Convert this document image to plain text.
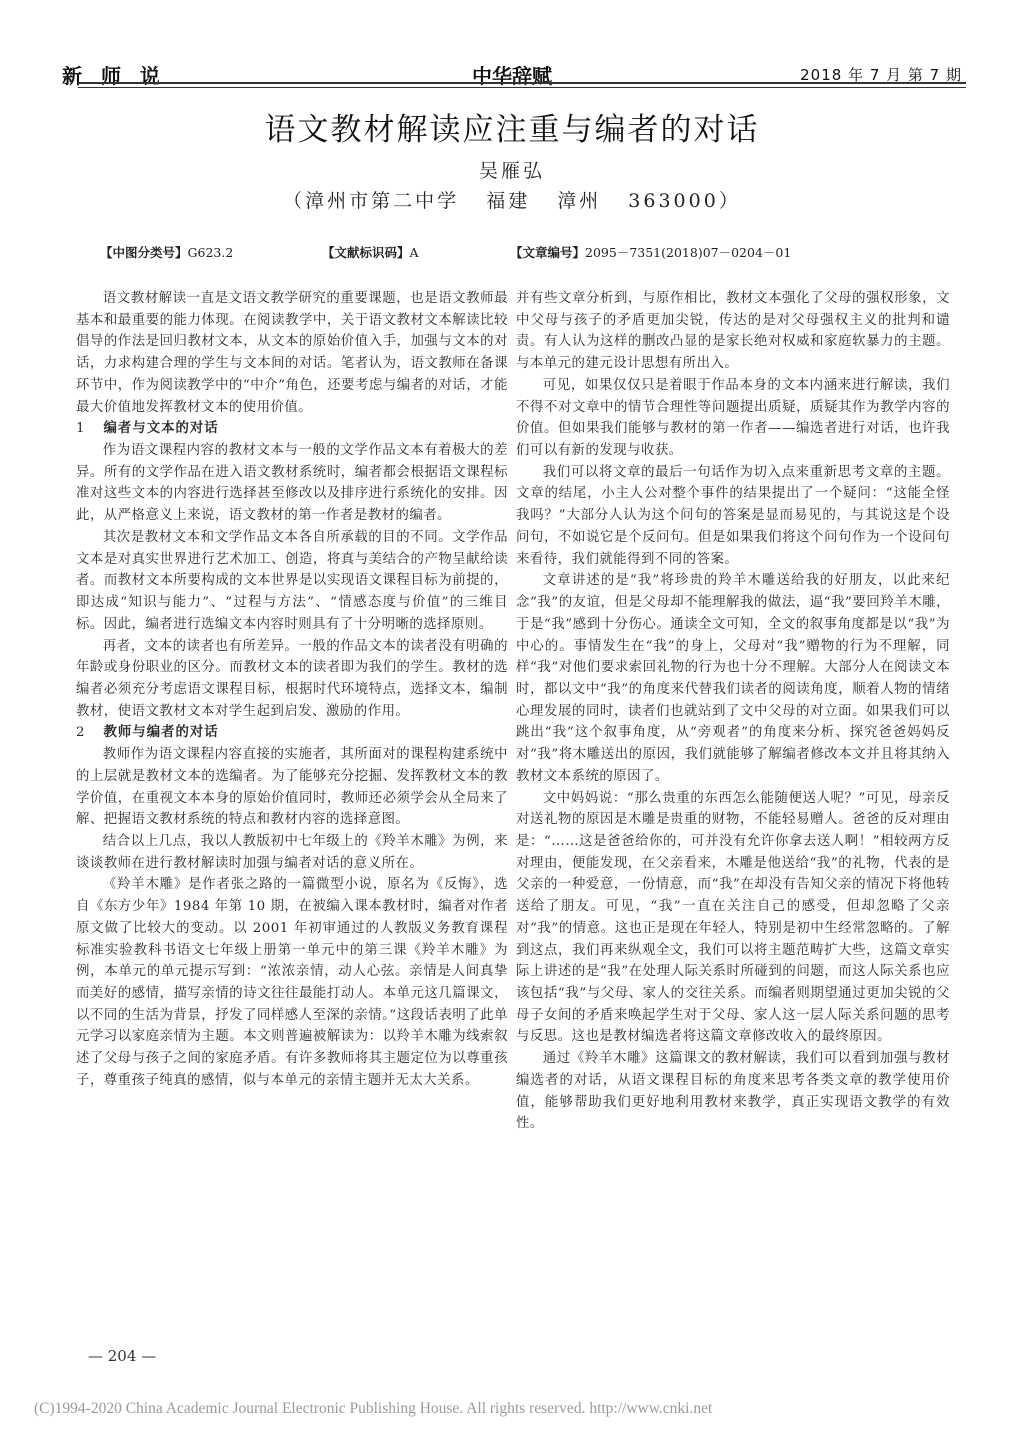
新 师 说	中华辞赋	2018 年 7 月 第 7 期
语文教材解读应注重与编者的对话
吴雁弘
（漳州市第二中学 福建 漳州 363000）
【中图分类号】G623.2	【文献标识码】A	【文章编号】2095－7351(2018)07－0204－01

语文教材解读一直是文语文教学研究的重要课题，也是语文教师最基本和最重要的能力体现。在阅读教学中，关于语文教材文本解读比较倡导的作法是回归教材文本，从文本的原始价值入手，加强与文本的对话，力求构建合理的学生与文本间的对话。笔者认为，语文教师在备课环节中，作为阅读教学中的“中介”角色，还要考虑与编者的对话，才能最大价值地发挥教材文本的使用价值。

1 编者与文本的对话

作为语文课程内容的教材文本与一般的文学作品文本有着极大的差异。所有的文学作品在进入语文教材系统时，编者都会根据语文课程标准对这些文本的内容进行选择甚至修改以及排序进行系统化的安排。因此，从严格意义上来说，语文教材的第一作者是教材的编者。

其次是教材文本和文学作品文本各自所承载的目的不同。文学作品文本是对真实世界进行艺术加工、创造，将真与美结合的产物呈献给读者。而教材文本所要构成的文本世界是以实现语文课程目标为前提的，即达成“知识与能力”、“过程与方法”、“情感态度与价值”的三维目标。因此，编者进行选编文本内容时则具有了十分明晰的选择原则。

再者，文本的读者也有所差异。一般的作品文本的读者没有明确的年龄或身份职业的区分。而教材文本的读者即为我们的学生。教材的选编者必须充分考虑语文课程目标，根据时代环境特点，选择文本，编制教材，使语文教材文本对学生起到启发、激励的作用。

2 教师与编者的对话

教师作为语文课程内容直接的实施者，其所面对的课程构建系统中的上层就是教材文本的选编者。为了能够充分挖掘、发挥教材文本的教学价值，在重视文本本身的原始价值同时，教师还必须学会从全局来了解、把握语文教材系统的特点和教材内容的选择意图。

结合以上几点，我以人教版初中七年级上的《羚羊木雕》为例，来谈谈教师在进行教材解读时加强与编者对话的意义所在。

《羚羊木雕》是作者张之路的一篇微型小说，原名为《反悔》，选自《东方少年》1984 年第 10 期，在被编入课本教材时，编者对作者原文做了比较大的变动。以 2001 年初审通过的人教版义务教育课程标准实验教科书语文七年级上册第一单元中的第三课《羚羊木雕》为例，本单元的单元提示写到：“浓浓亲情，动人心弦。亲情是人间真挚而美好的感情，描写亲情的诗文往往最能打动人。本单元这几篇课文，以不同的生活为背景，抒发了同样感人至深的亲情。”这段话表明了此单元学习以家庭亲情为主题。本文则普遍被解读为：以羚羊木雕为线索叙述了父母与孩子之间的家庭矛盾。有许多教师将其主题定位为以尊重孩子，尊重孩子纯真的感情，似与本单元的亲情主题并无太大关系。

并有些文章分析到，与原作相比，教材文本强化了父母的强权形象，文中父母与孩子的矛盾更加尖锐，传达的是对父母强权主义的批判和谴责。有人认为这样的删改凸显的是家长绝对权威和家庭软暴力的主题。与本单元的建元设计思想有所出入。

可见，如果仅仅只是着眼于作品本身的文本内涵来进行解读，我们不得不对文章中的情节合理性等问题提出质疑，质疑其作为教学内容的价值。但如果我们能够与教材的第一作者——编选者进行对话，也许我们可以有新的发现与收获。

我们可以将文章的最后一句话作为切入点来重新思考文章的主题。文章的结尾，小主人公对整个事件的结果提出了一个疑问：“这能全怪我吗？”大部分人认为这个问句的答案是显而易见的，与其说这是个设问句，不如说它是个反问句。但是如果我们将这个问句作为一个设问句来看待，我们就能得到不同的答案。

文章讲述的是“我”将珍贵的羚羊木雕送给我的好朋友，以此来纪念“我”的友谊，但是父母却不能理解我的做法，逼“我”要回羚羊木雕，于是“我”感到十分伤心。通读全文可知，全文的叙事角度都是以“我”为中心的。事情发生在“我”的身上，父母对“我”赠物的行为不理解，同样“我”对他们要求索回礼物的行为也十分不理解。大部分人在阅读文本时，都以文中“我”的角度来代替我们读者的阅读角度，顺着人物的情绪心理发展的同时，读者们也就站到了文中父母的对立面。如果我们可以跳出“我”这个叙事角度，从“旁观者”的角度来分析、探究爸爸妈妈反对“我”将木雕送出的原因，我们就能够了解编者修改本文并且将其纳入教材文本系统的原因了。

文中妈妈说：“那么贵重的东西怎么能随便送人呢？”可见，母亲反对送礼物的原因是木雕是贵重的财物，不能轻易赠人。爸爸的反对理由是：“……这是爸爸给你的，可并没有允许你拿去送人啊！”相较两方反对理由，便能发现，在父亲看来，木雕是他送给“我”的礼物，代表的是父亲的一种爱意，一份情意，而“我”在却没有告知父亲的情况下将他转送给了朋友。可见，“我”一直在关注自己的感受，但却忽略了父亲对“我”的情意。这也正是现在年轻人，特别是初中生经常忽略的。了解到这点，我们再来纵观全文，我们可以将主题范畴扩大些，这篇文章实际上讲述的是“我”在处理人际关系时所碰到的问题，而这人际关系也应该包括“我”与父母、家人的交往关系。而编者则期望通过更加尖锐的父母子女间的矛盾来唤起学生对于父母、家人这一层人际关系问题的思考与反思。这也是教材编选者将这篇文章修改收入的最终原因。

通过《羚羊木雕》这篇课文的教材解读，我们可以看到加强与教材编选者的对话，从语文课程目标的角度来思考各类文章的教学使用价值，能够帮助我们更好地利用教材来教学，真正实现语文教学的有效性。

— 204 —
(C)1994-2020 China Academic Journal Electronic Publishing House. All rights reserved. http://www.cnki.net
